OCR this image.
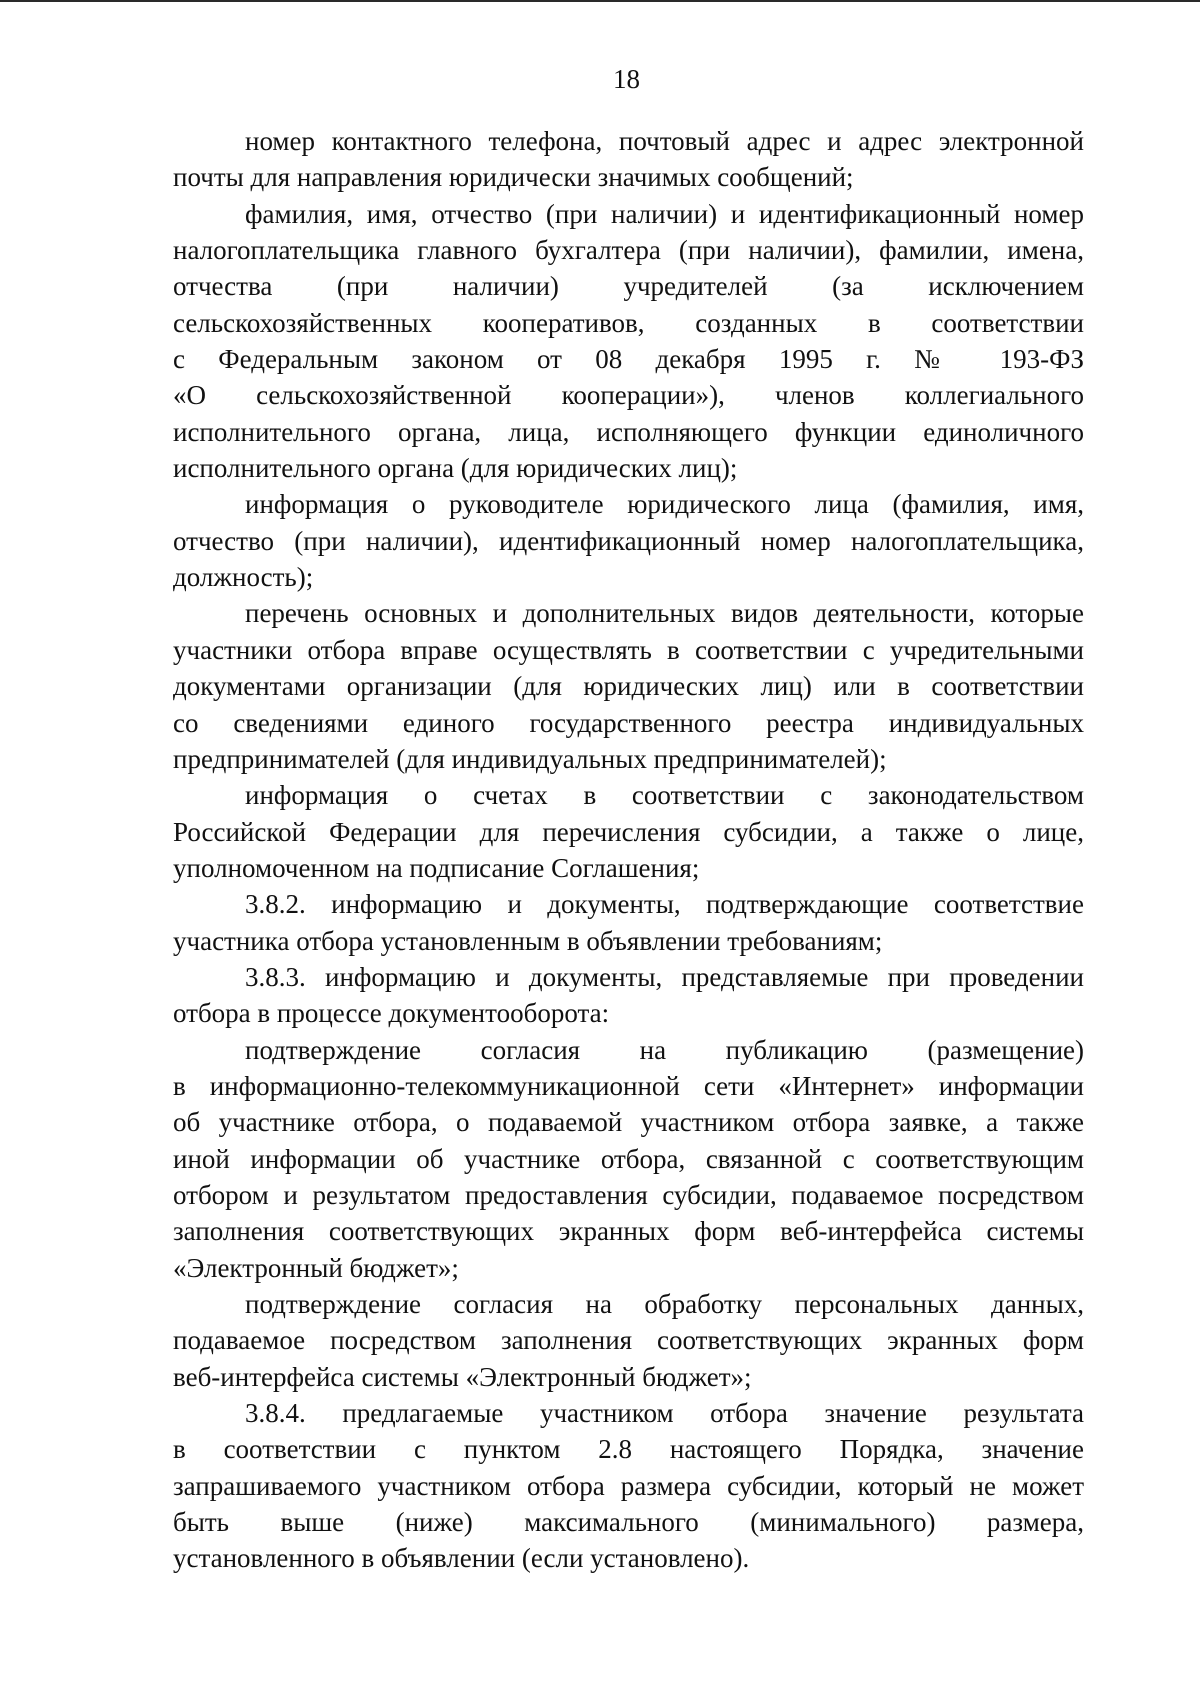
18
номер контактного телефона, почтовый адрес и адрес электронной
почты для направления юридически значимых сообщений;
фамилия, имя, отчество (при наличии) и идентификационный номер
налогоплательщика главного бухгалтера (при наличии), фамилии, имена,
отчества (при наличии) учредителей (за исключением
сельскохозяйственных кооперативов, созданных в соответствии
с Федеральным законом от 08 декабря 1995 г. № 193-ФЗ
«О сельскохозяйственной кооперации»), членов коллегиального
исполнительного органа, лица, исполняющего функции единоличного
исполнительного органа (для юридических лиц);
информация о руководителе юридического лица (фамилия, имя,
отчество (при наличии), идентификационный номер налогоплательщика,
должность);
перечень основных и дополнительных видов деятельности, которые
участники отбора вправе осуществлять в соответствии с учредительными
документами организации (для юридических лиц) или в соответствии
со сведениями единого государственного реестра индивидуальных
предпринимателей (для индивидуальных предпринимателей);
информация о счетах в соответствии с законодательством
Российской Федерации для перечисления субсидии, а также о лице,
уполномоченном на подписание Соглашения;
3.8.2. информацию и документы, подтверждающие соответствие
участника отбора установленным в объявлении требованиям;
3.8.3. информацию и документы, представляемые при проведении
отбора в процессе документооборота:
подтверждение согласия на публикацию (размещение)
в информационно-телекоммуникационной сети «Интернет» информации
об участнике отбора, о подаваемой участником отбора заявке, а также
иной информации об участнике отбора, связанной с соответствующим
отбором и результатом предоставления субсидии, подаваемое посредством
заполнения соответствующих экранных форм веб-интерфейса системы
«Электронный бюджет»;
подтверждение согласия на обработку персональных данных,
подаваемое посредством заполнения соответствующих экранных форм
веб-интерфейса системы «Электронный бюджет»;
3.8.4. предлагаемые участником отбора значение результата
в соответствии с пунктом 2.8 настоящего Порядка, значение
запрашиваемого участником отбора размера субсидии, который не может
быть выше (ниже) максимального (минимального) размера,
установленного в объявлении (если установлено).
